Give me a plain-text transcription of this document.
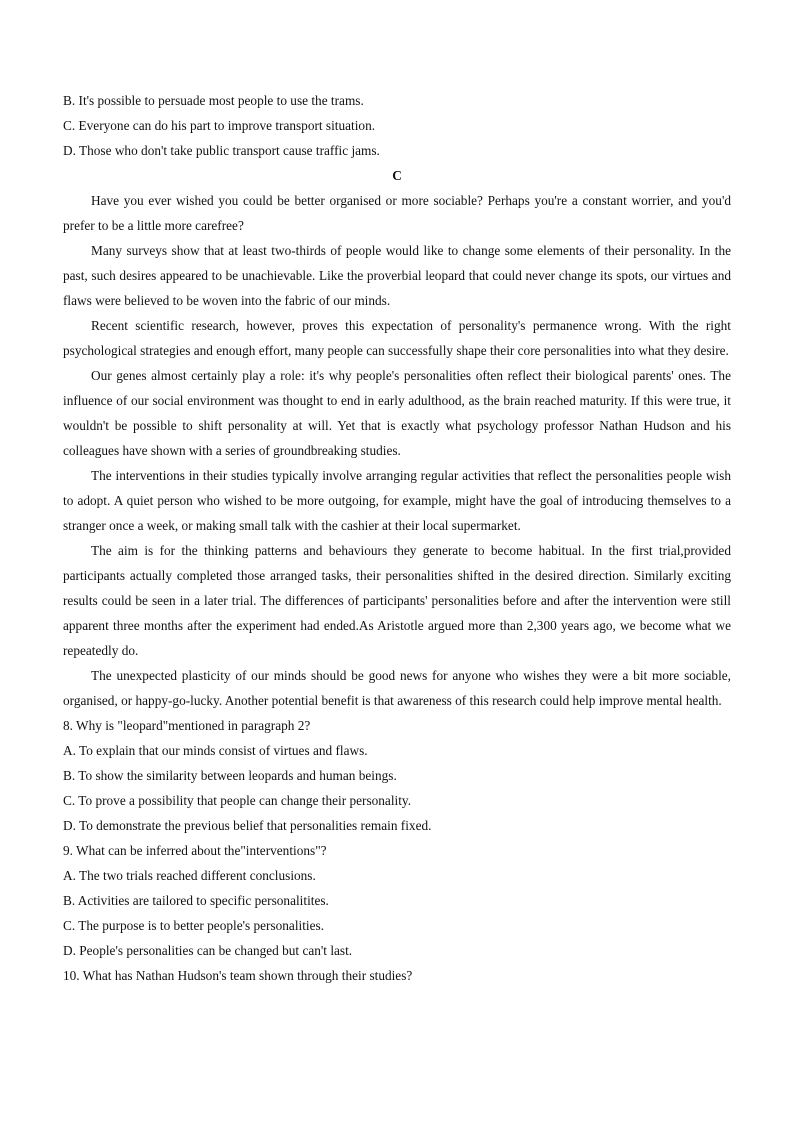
B. It's possible to persuade most people to use the trams.

C. Everyone can do his part to improve transport situation.

D. Those who don't take public transport cause traffic jams.

C

Have you ever wished you could be better organised or more sociable? Perhaps you're a constant worrier, and you'd prefer to be a little more carefree?

Many surveys show that at least two-thirds of people would like to change some elements of their personality. In the past, such desires appeared to be unachievable. Like the proverbial leopard that could never change its spots, our virtues and flaws were believed to be woven into the fabric of our minds.

Recent scientific research, however, proves this expectation of personality's permanence wrong. With the right psychological strategies and enough effort, many people can successfully shape their core personalities into what they desire.

Our genes almost certainly play a role: it's why people's personalities often reflect their biological parents' ones. The influence of our social environment was thought to end in early adulthood, as the brain reached maturity. If this were true, it wouldn't be possible to shift personality at will. Yet that is exactly what psychology professor Nathan Hudson and his colleagues have shown with a series of groundbreaking studies.

The interventions in their studies typically involve arranging regular activities that reflect the personalities people wish to adopt. A quiet person who wished to be more outgoing, for example, might have the goal of introducing themselves to a stranger once a week, or making small talk with the cashier at their local supermarket.

The aim is for the thinking patterns and behaviours they generate to become habitual. In the first trial,provided participants actually completed those arranged tasks, their personalities shifted in the desired direction. Similarly exciting results could be seen in a later trial. The differences of participants' personalities before and after the intervention were still apparent three months after the experiment had ended.As Aristotle argued more than 2,300 years ago, we become what we repeatedly do.

The unexpected plasticity of our minds should be good news for anyone who wishes they were a bit more sociable, organised, or happy-go-lucky. Another potential benefit is that awareness of this research could help improve mental health.

8. Why is "leopard"mentioned in paragraph 2?

A. To explain that our minds consist of virtues and flaws.

B. To show the similarity between leopards and human beings.

C. To prove a possibility that people can change their personality.

D. To demonstrate the previous belief that personalities remain fixed.

9. What can be inferred about the"interventions"?

A. The two trials reached different conclusions.

B. Activities are tailored to specific personalitites.

C. The purpose is to better people's personalities.

D. People's personalities can be changed but can't last.

10. What has Nathan Hudson's team shown through their studies?
